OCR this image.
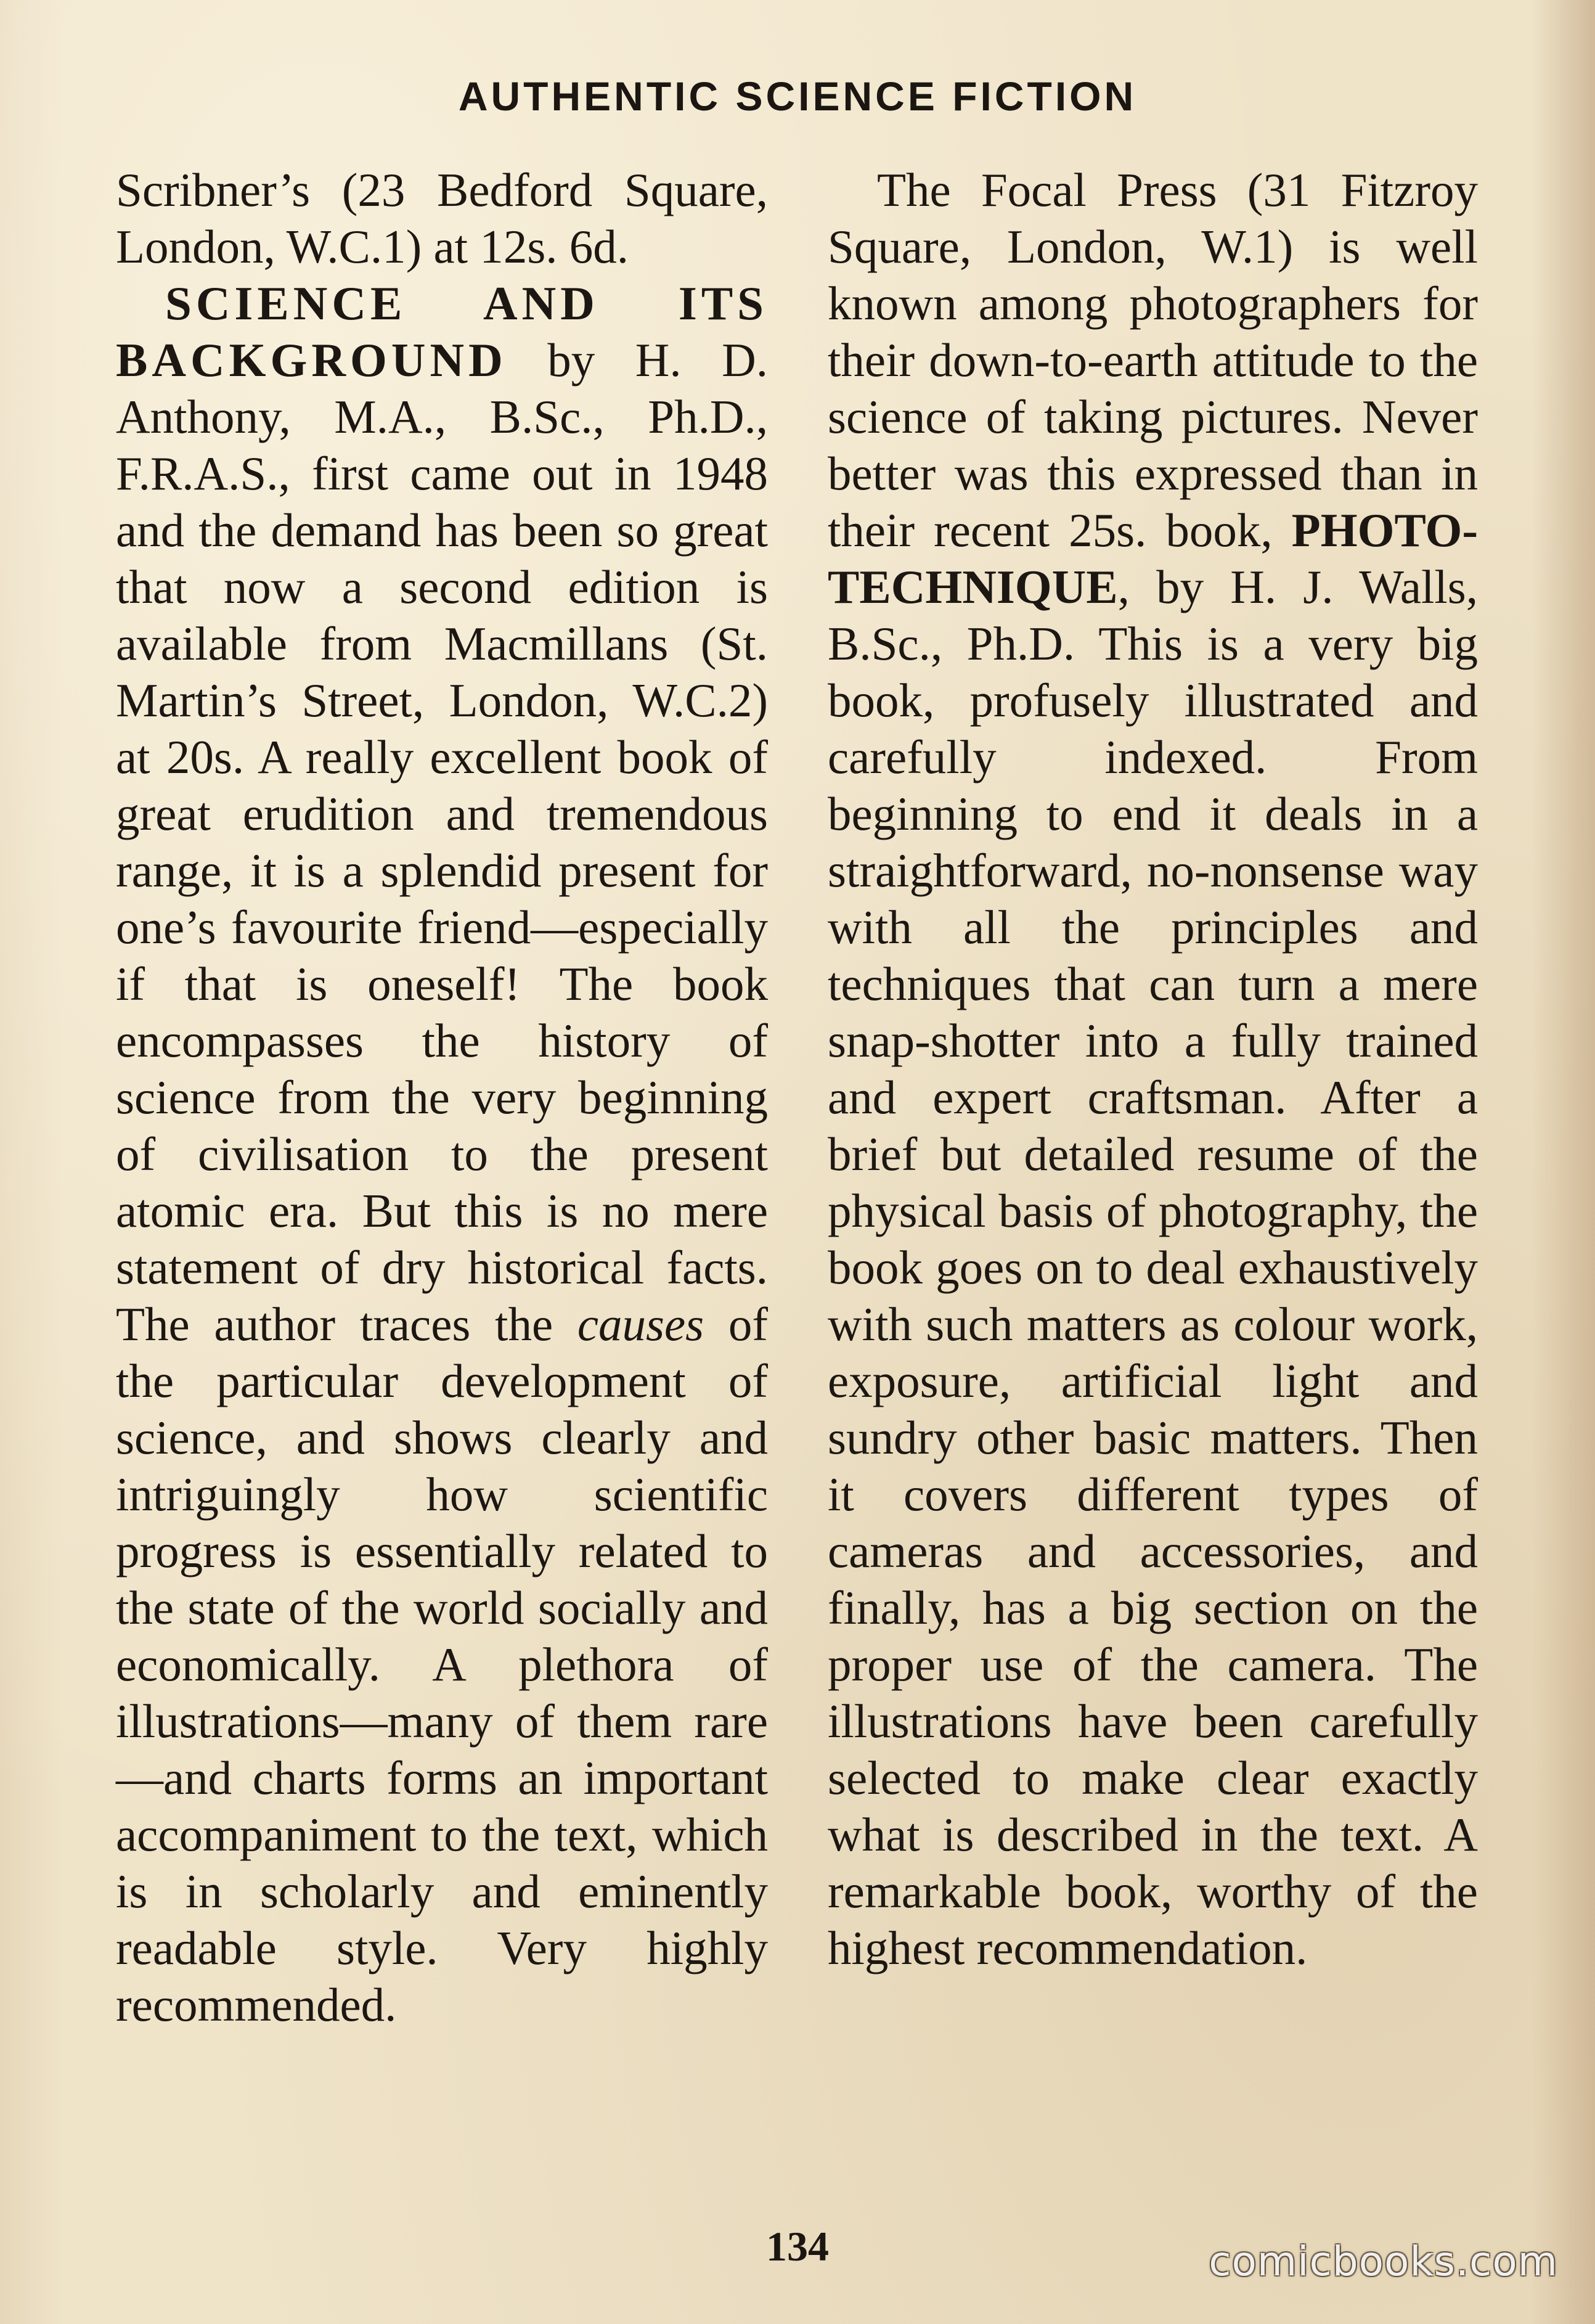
AUTHENTIC SCIENCE FICTION

Scribner’s (23 Bedford Square, London, W.C.1) at 12s. 6d.

SCIENCE AND ITS BACKGROUND by H. D. Anthony, M.A., B.Sc., Ph.D., F.R.A.S., first came out in 1948 and the demand has been so great that now a second edition is available from Macmillans (St. Martin’s Street, London, W.C.2) at 20s. A really excellent book of great erudition and tremendous range, it is a splendid present for one’s favourite friend—especially if that is oneself! The book encompasses the history of science from the very beginning of civilisation to the present atomic era. But this is no mere statement of dry historical facts. The author traces the causes of the particular development of science, and shows clearly and intriguingly how scientific progress is essentially related to the state of the world socially and economically. A plethora of illustrations—many of them rare—and charts forms an important accompaniment to the text, which is in scholarly and eminently readable style. Very highly recommended.

The Focal Press (31 Fitzroy Square, London, W.1) is well known among photographers for their down-to-earth attitude to the science of taking pictures. Never better was this expressed than in their recent 25s. book, PHOTO-TECHNIQUE, by H. J. Walls, B.Sc., Ph.D. This is a very big book, profusely illustrated and carefully indexed. From beginning to end it deals in a straightforward, no-nonsense way with all the principles and techniques that can turn a mere snap-shotter into a fully trained and expert craftsman. After a brief but detailed resume of the physical basis of photography, the book goes on to deal exhaustively with such matters as colour work, exposure, artificial light and sundry other basic matters. Then it covers different types of cameras and accessories, and finally, has a big section on the proper use of the camera. The illustrations have been carefully selected to make clear exactly what is described in the text. A remarkable book, worthy of the highest recommendation.

134	comicbooks.com
